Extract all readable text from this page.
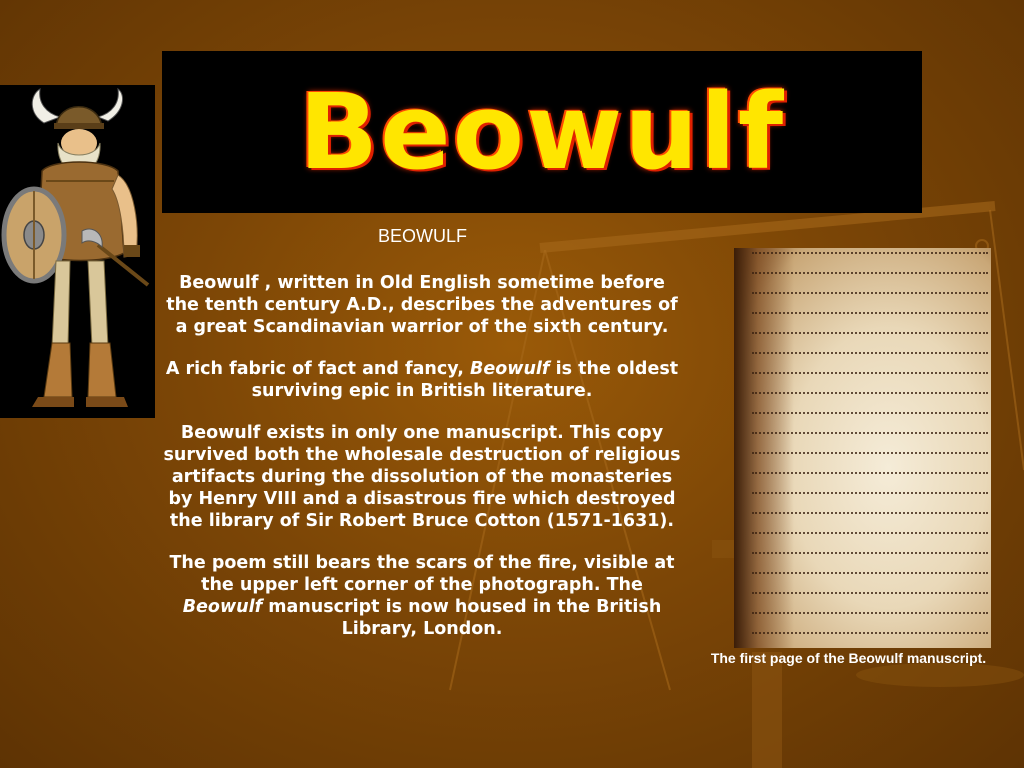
Beowulf
BEOWULF

Beowulf , written in Old English sometime before the tenth century A.D., describes the adventures of a great Scandinavian warrior of the sixth century.

A rich fabric of fact and fancy, Beowulf is the oldest surviving epic in British literature.

Beowulf exists in only one manuscript. This copy survived both the wholesale destruction of religious artifacts during the dissolution of the monasteries by Henry VIII and a disastrous fire which destroyed the library of Sir Robert Bruce Cotton (1571-1631).

The poem still bears the scars of the fire, visible at the upper left corner of the photograph. The Beowulf manuscript is now housed in the British Library, London.

The first page of the Beowulf manuscript.
